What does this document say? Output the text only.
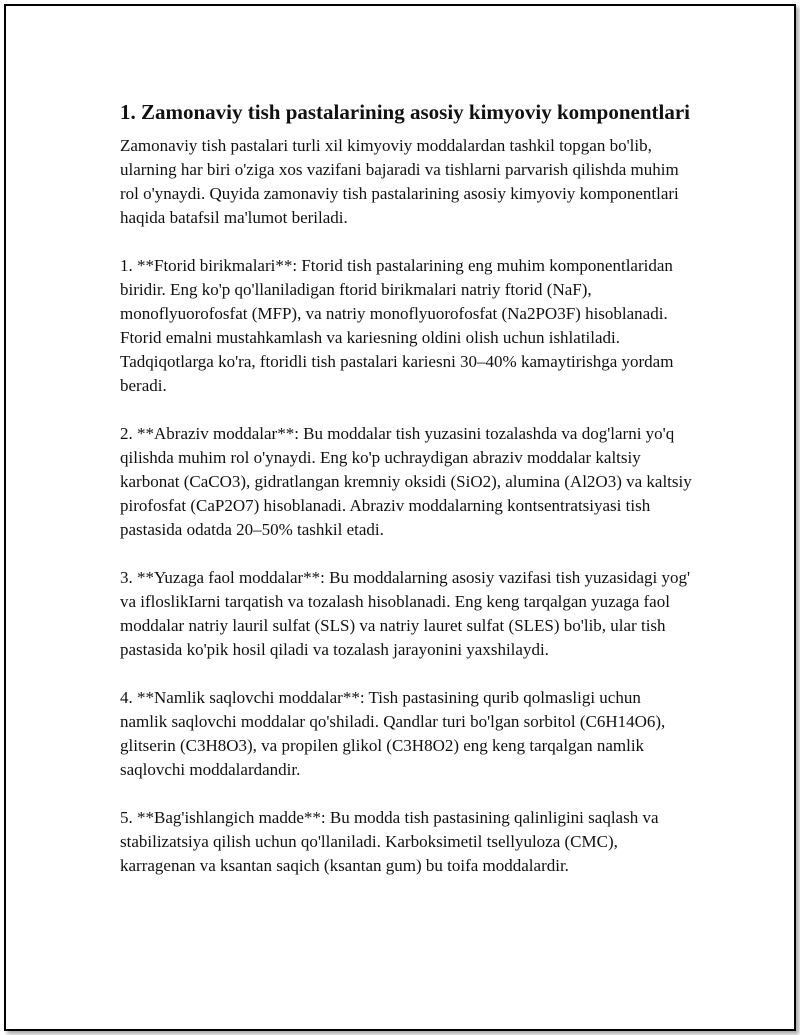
1. Zamonaviy tish pastalarining asosiy kimyoviy komponentlari

Zamonaviy tish pastalari turli xil kimyoviy moddalardan tashkil topgan bo'lib, ularning har biri o'ziga xos vazifani bajaradi va tishlarni parvarish qilishda muhim rol o'ynaydi. Quyida zamonaviy tish pastalarining asosiy kimyoviy komponentlari haqida batafsil ma'lumot beriladi.

1. **Ftorid birikmalari**: Ftorid tish pastalarining eng muhim komponentlaridan biridir. Eng ko'p qo'llaniladigan ftorid birikmalari natriy ftorid (NaF), monoflyuorofosfat (MFP), va natriy monoflyuorofosfat (Na2PO3F) hisoblanadi. Ftorid emalni mustahkamlash va kariesning oldini olish uchun ishlatiladi. Tadqiqotlarga ko'ra, ftoridli tish pastalari kariesni 30–40% kamaytirishga yordam beradi.

2. **Abraziv moddalar**: Bu moddalar tish yuzasini tozalashda va dog'larni yo'q qilishda muhim rol o'ynaydi. Eng ko'p uchraydigan abraziv moddalar kaltsiy karbonat (CaCO3), gidratlangan kremniy oksidi (SiO2), alumina (Al2O3) va kaltsiy pirofosfat (CaP2O7) hisoblanadi. Abraziv moddalarning kontsentratsiyasi tish pastasida odatda 20–50% tashkil etadi.

3. **Yuzaga faol moddalar**: Bu moddalarning asosiy vazifasi tish yuzasidagi yog' va ifloslikIarni tarqatish va tozalash hisoblanadi. Eng keng tarqalgan yuzaga faol moddalar natriy lauril sulfat (SLS) va natriy lauret sulfat (SLES) bo'lib, ular tish pastasida ko'pik hosil qiladi va tozalash jarayonini yaxshilaydi.

4. **Namlik saqlovchi moddalar**: Tish pastasining qurib qolmasligi uchun namlik saqlovchi moddalar qo'shiladi. Qandlar turi bo'lgan sorbitol (C6H14O6), glitserin (C3H8O3), va propilen glikol (C3H8O2) eng keng tarqalgan namlik saqlovchi moddalardandir.

5. **Bag'ishlangich madde**: Bu modda tish pastasining qalinligini saqlash va stabilizatsiya qilish uchun qo'llaniladi. Karboksimetil tsellyuloza (CMC), karragenan va ksantan saqich (ksantan gum) bu toifa moddalardir.
